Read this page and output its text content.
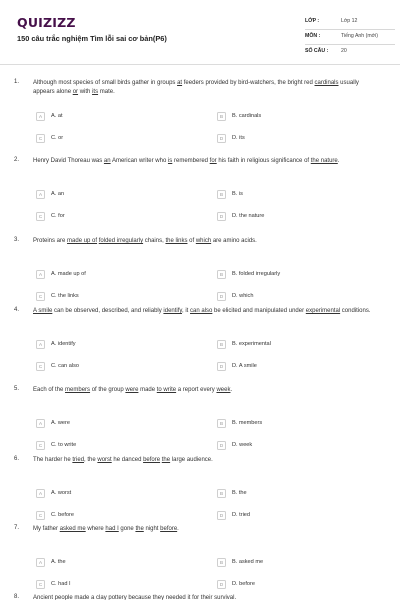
QUIZIZZ
150 câu trắc nghiệm Tìm lỗi sai cơ bản(P6)
LỚP :	Lớp 12
MÔN :	Tiếng Anh (mới)
SỐ CÂU : 20
1. Although most species of small birds gather in groups at feeders provided by bird-watchers, the bright red cardinals usually appears alone or with its mate.
A	A. at	B	B. cardinals
C	C. or	D	D. its
2. Henry David Thoreau was an American writer who is remembered for his faith in religious significance of the nature.
A	A. an	B	B. is
C	C. for	D	D. the nature
3. Proteins are made up of folded irregularly chains, the links of which are amino acids.
A	A. made up of	B	B. folded irregularly
C	C. the links	D	D. which
4. A smile can be observed, described, and reliably identify, it can also be elicited and manipulated under experimental conditions.
A	A. identify	B	B. experimental
C	C. can also	D	D. A smile
5. Each of the members of the group were made to write a report every week.
A	A. were	B	B. members
C	C. to write	D	D. week
6. The harder he tried, the worst he danced before the large audience.
A	A. worst	B	B. the
C	C. before	D	D. tried
7. My father asked me where had I gone the night before.
A	A. the	B	B. asked me
C	C. had I	D	D. before
8. Ancient people made a clay pottery because they needed it for their survival.
